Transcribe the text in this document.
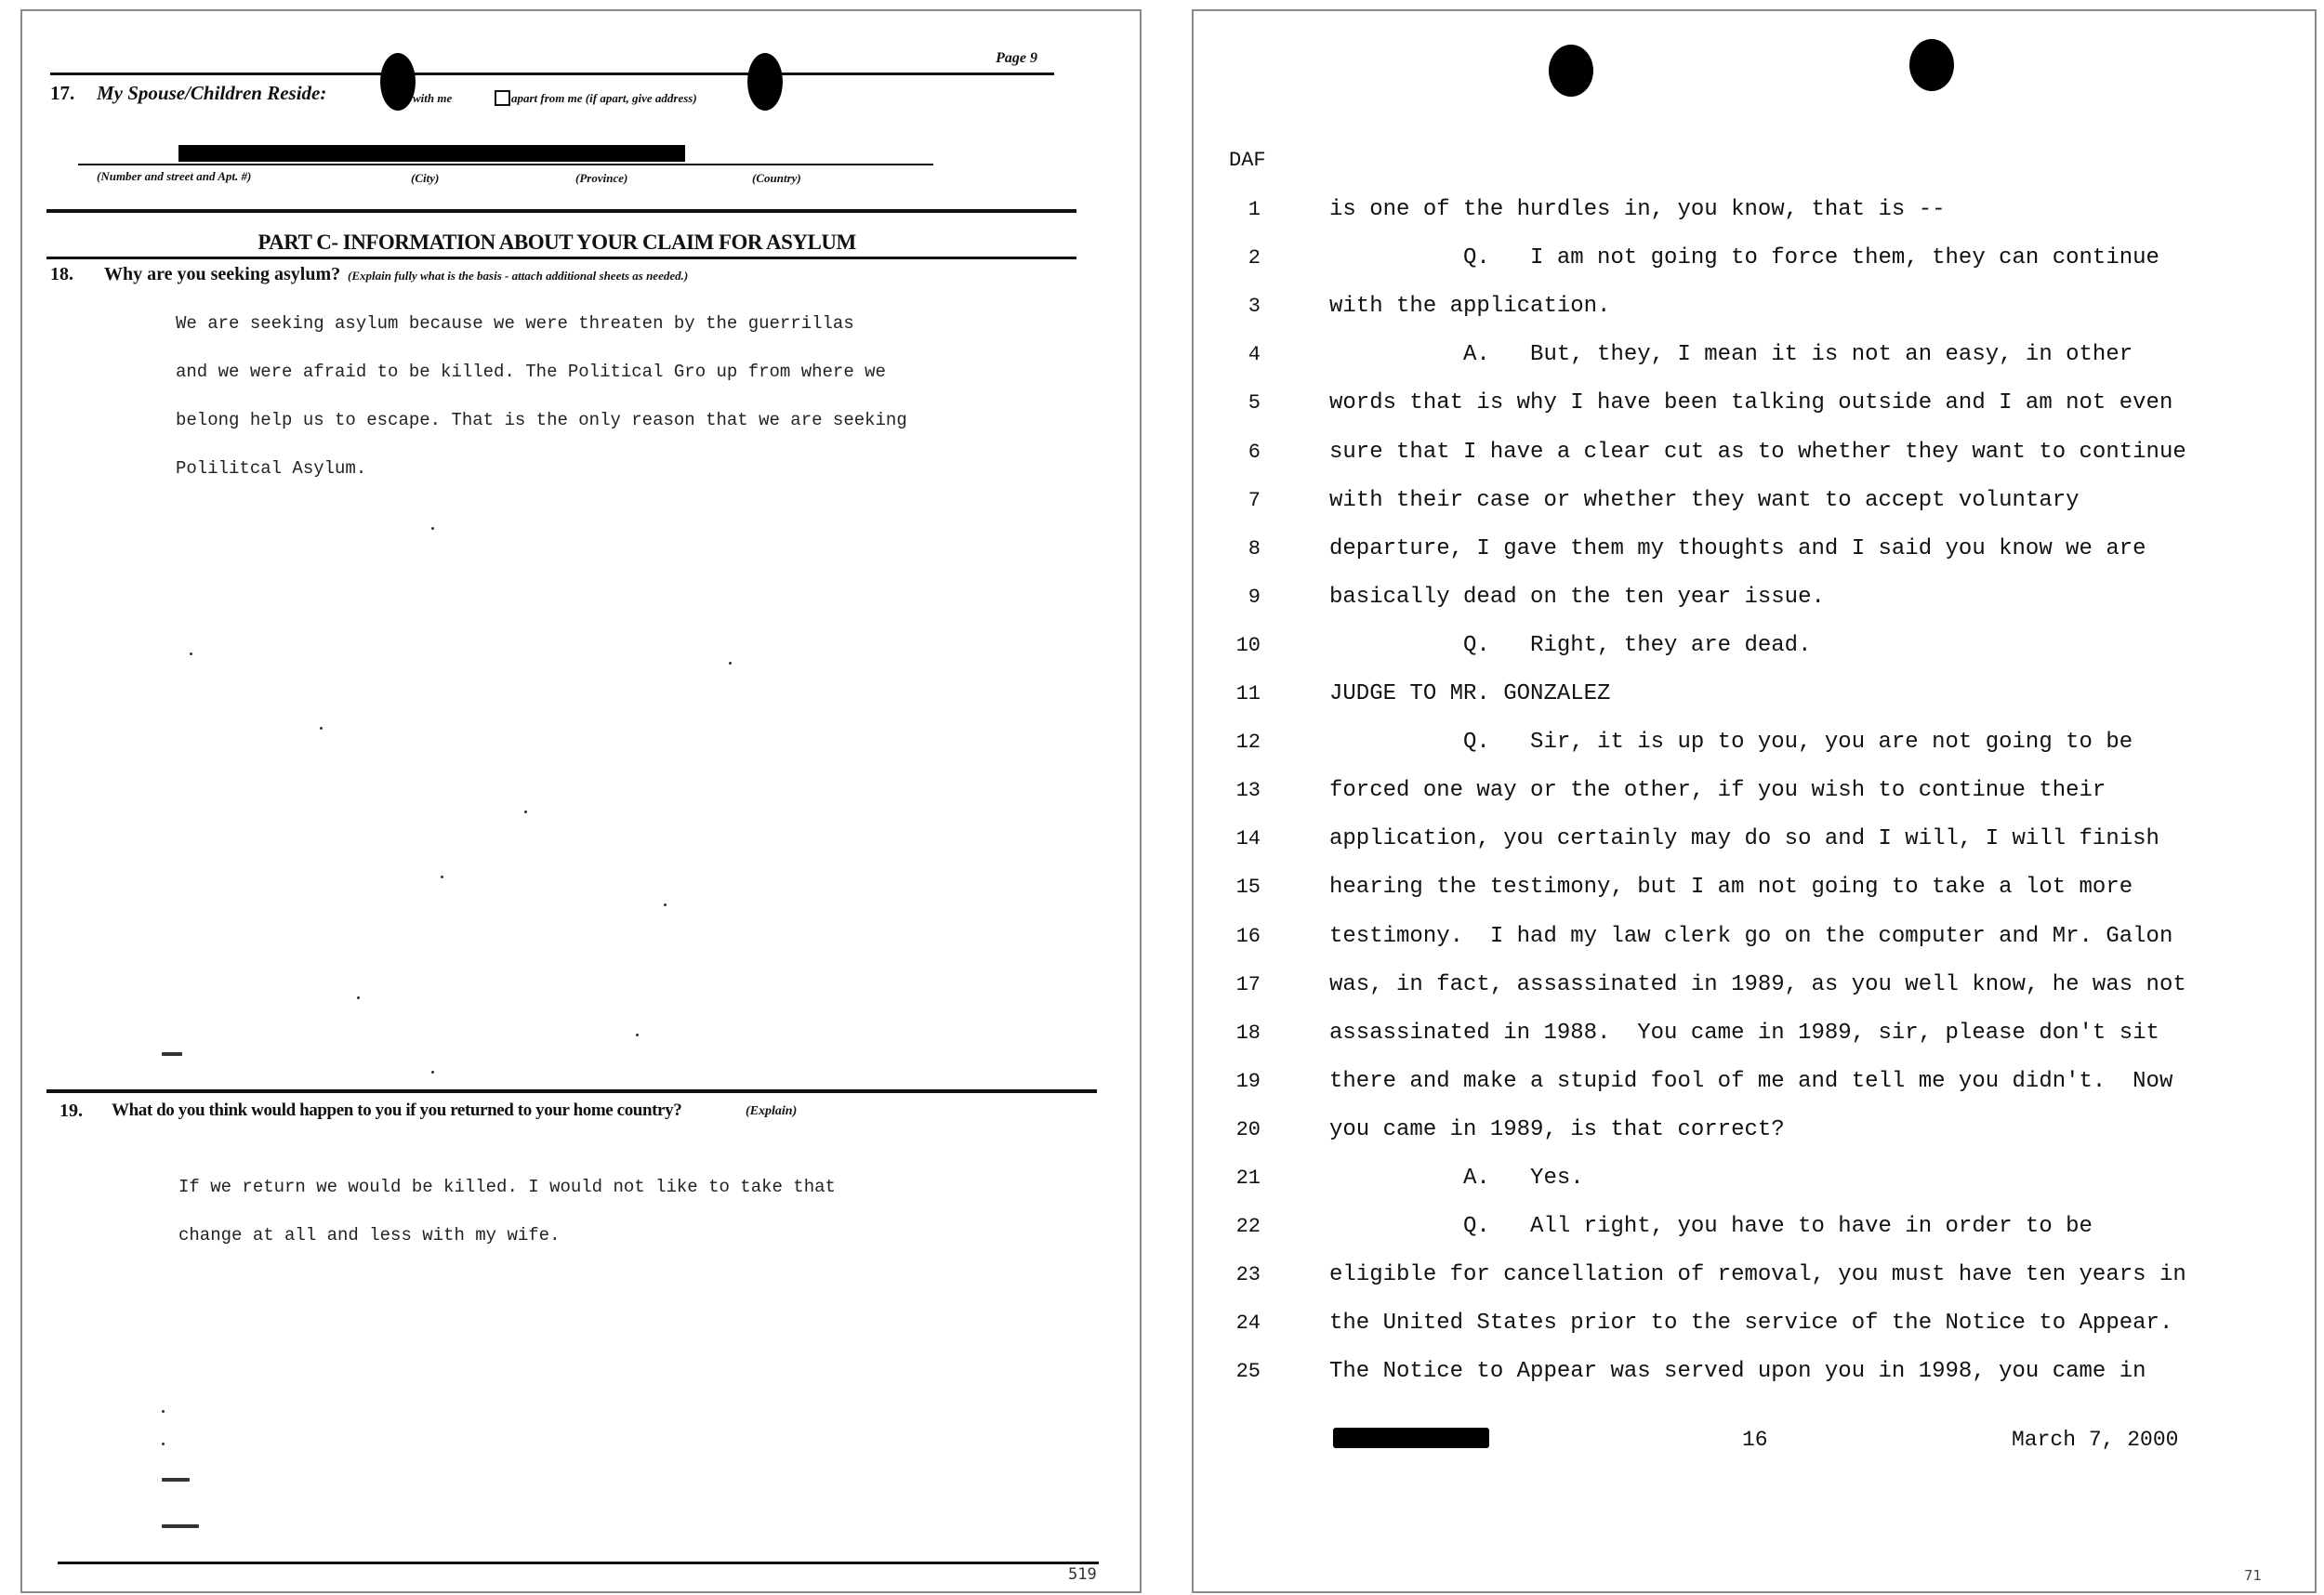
Page 9
17. My Spouse/Children Reside:	with me	apart from me (if apart, give address)
(Number and street and Apt. #)	(City)	(Province)	(Country)
PART C- INFORMATION ABOUT YOUR CLAIM FOR ASYLUM
18. Why are you seeking asylum? (Explain fully what is the basis - attach additional sheets as needed.)
We are seeking asylum because we were threaten by the guerrillas
and we were afraid to be killed. The Political Gro up from where we
belong help us to escape. That is the only reason that we are seeking
Polilitcal Asylum.
19. What do you think would happen to you if you returned to your home country?	(Explain)
If we return we would be killed. I would not like to take that
change at all and less with my wife.
519
DAF
1	is one of the hurdles in, you know, that is --
2	Q.   I am not going to force them, they can continue
3	with the application.
4	A.   But, they, I mean it is not an easy, in other
5	words that is why I have been talking outside and I am not even
6	sure that I have a clear cut as to whether they want to continue
7	with their case or whether they want to accept voluntary
8	departure, I gave them my thoughts and I said you know we are
9	basically dead on the ten year issue.
10	Q.   Right, they are dead.
11	JUDGE TO MR. GONZALEZ
12	Q.   Sir, it is up to you, you are not going to be
13	forced one way or the other, if you wish to continue their
14	application, you certainly may do so and I will, I will finish
15	hearing the testimony, but I am not going to take a lot more
16	testimony.  I had my law clerk go on the computer and Mr. Galon
17	was, in fact, assassinated in 1989, as you well know, he was not
18	assassinated in 1988.  You came in 1989, sir, please don't sit
19	there and make a stupid fool of me and tell me you didn't.  Now
20	you came in 1989, is that correct?
21	A.   Yes.
22	Q.   All right, you have to have in order to be
23	eligible for cancellation of removal, you must have ten years in
24	the United States prior to the service of the Notice to Appear.
25	The Notice to Appear was served upon you in 1998, you came in
16	March 7, 2000
71
